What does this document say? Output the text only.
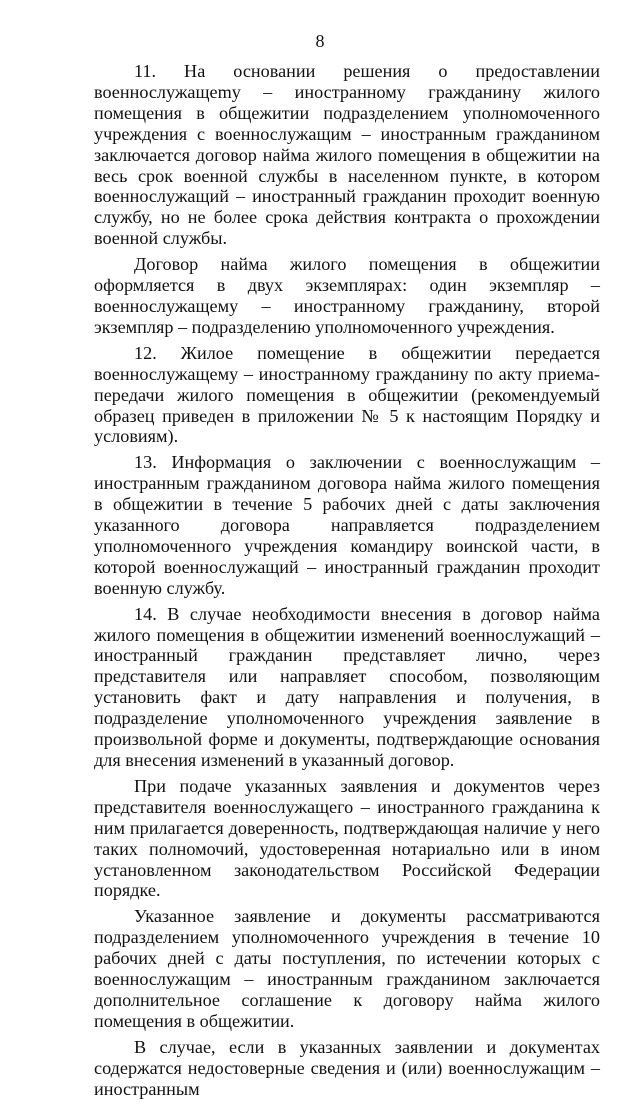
8

11. На основании решения о предоставлении военнослужащеmу – иностранному гражданину жилого помещения в общежитии подразделением уполномоченного учреждения с военнослужащим – иностранным гражданином заключается договор найма жилого помещения в общежитии на весь срок военной службы в населенном пункте, в котором военнослужащий – иностранный гражданин проходит военную службу, но не более срока действия контракта о прохождении военной службы.

Договор найма жилого помещения в общежитии оформляется в двух экземплярах: один экземпляр – военнослужащему – иностранному гражданину, второй экземпляр – подразделению уполномоченного учреждения.

12. Жилое помещение в общежитии передается военнослужащему – иностранному гражданину по акту приема-передачи жилого помещения в общежитии (рекомендуемый образец приведен в приложении № 5 к настоящим Порядку и условиям).

13. Информация о заключении с военнослужащим – иностранным гражданином договора найма жилого помещения в общежитии в течение 5 рабочих дней с даты заключения указанного договора направляется подразделением уполномоченного учреждения командиру воинской части, в которой военнослужащий – иностранный гражданин проходит военную службу.

14. В случае необходимости внесения в договор найма жилого помещения в общежитии изменений военнослужащий – иностранный гражданин представляет лично, через представителя или направляет способом, позволяющим установить факт и дату направления и получения, в подразделение уполномоченного учреждения заявление в произвольной форме и документы, подтверждающие основания для внесения изменений в указанный договор.

При подаче указанных заявления и документов через представителя военнослужащего – иностранного гражданина к ним прилагается доверенность, подтверждающая наличие у него таких полномочий, удостоверенная нотариально или в ином установленном законодательством Российской Федерации порядке.

Указанное заявление и документы рассматриваются подразделением уполномоченного учреждения в течение 10 рабочих дней с даты поступления, по истечении которых с военнослужащим – иностранным гражданином заключается дополнительное соглашение к договору найма жилого помещения в общежитии.

В случае, если в указанных заявлении и документах содержатся недостоверные сведения и (или) военнослужащим – иностранным
